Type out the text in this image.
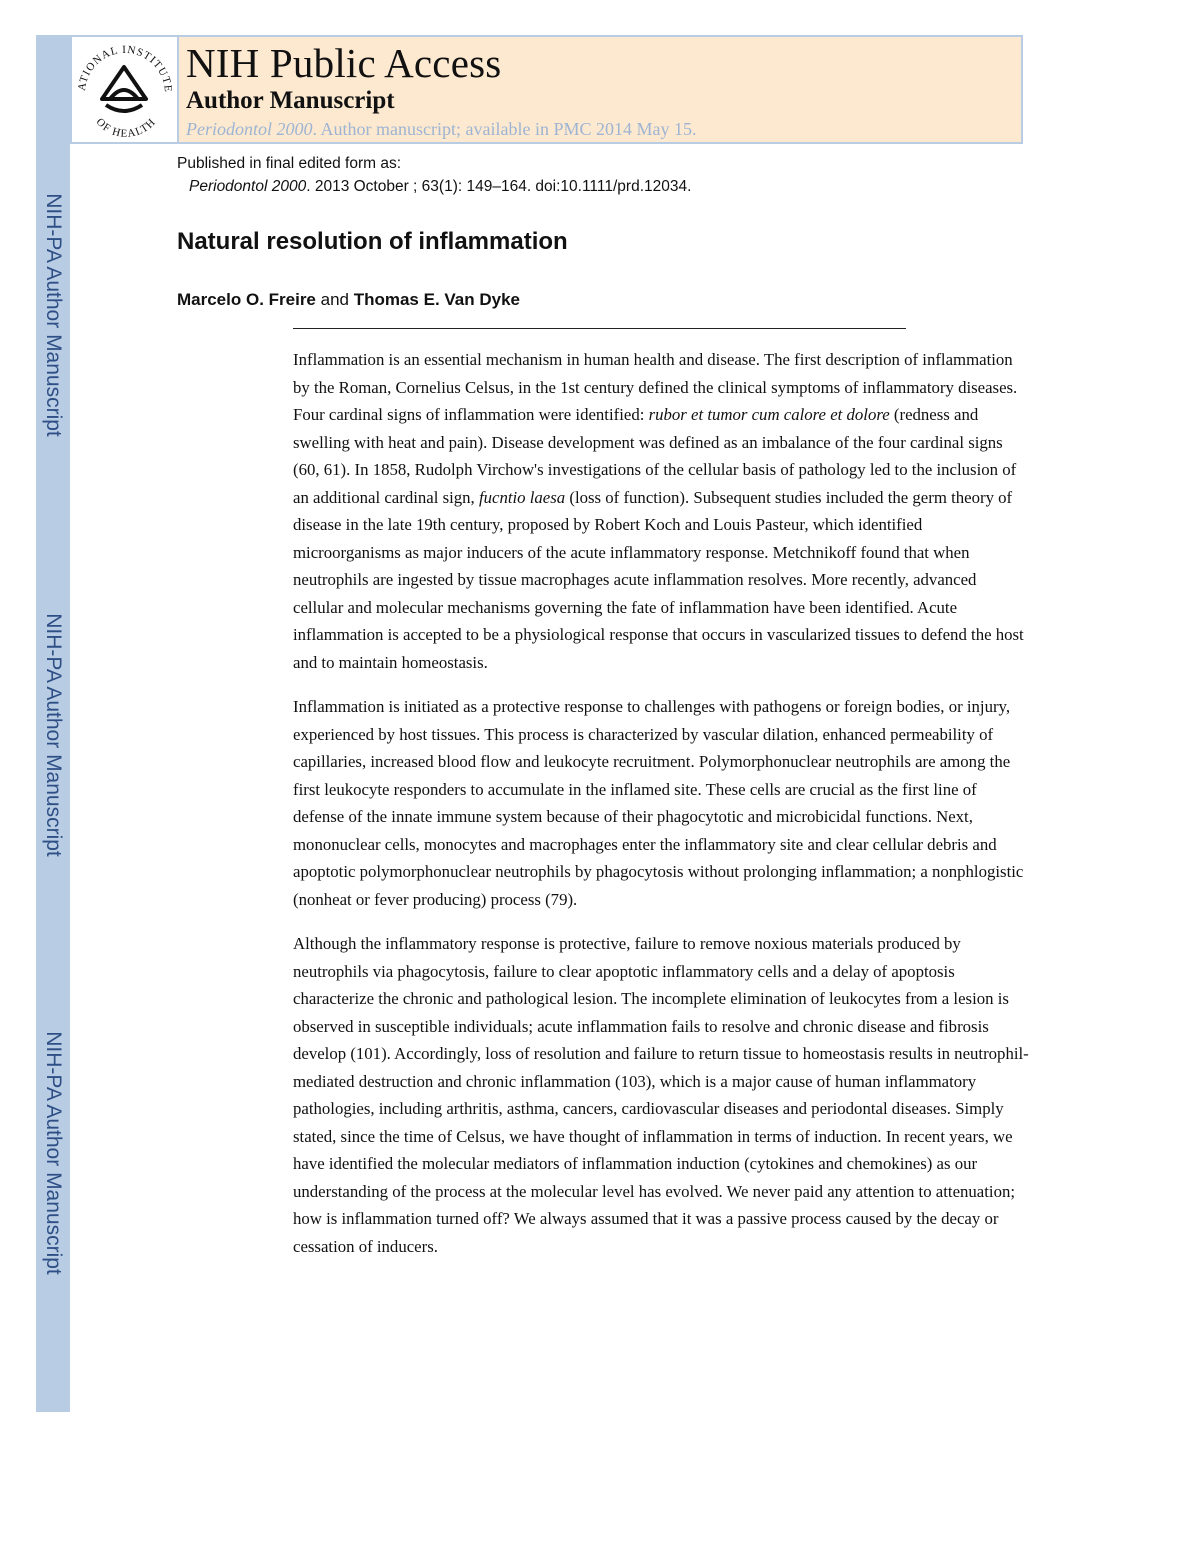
NIH-PA Author Manuscript
NIH-PA Author Manuscript
NIH-PA Author Manuscript
ATIONAL INSTITUTE
OF HEALTH
NIH Public Access
Author Manuscript
Periodontol 2000. Author manuscript; available in PMC 2014 May 15.
Published in final edited form as:
Periodontol 2000. 2013 October ; 63(1): 149–164. doi:10.1111/prd.12034.
Natural resolution of inflammation
Marcelo O. Freire and Thomas E. Van Dyke

Inflammation is an essential mechanism in human health and disease. The first description of inflammation by the Roman, Cornelius Celsus, in the 1st century defined the clinical symptoms of inflammatory diseases. Four cardinal signs of inflammation were identified: rubor et tumor cum calore et dolore (redness and swelling with heat and pain). Disease development was defined as an imbalance of the four cardinal signs (60, 61). In 1858, Rudolph Virchow's investigations of the cellular basis of pathology led to the inclusion of an additional cardinal sign, fucntio laesa (loss of function). Subsequent studies included the germ theory of disease in the late 19th century, proposed by Robert Koch and Louis Pasteur, which identified microorganisms as major inducers of the acute inflammatory response. Metchnikoff found that when neutrophils are ingested by tissue macrophages acute inflammation resolves. More recently, advanced cellular and molecular mechanisms governing the fate of inflammation have been identified. Acute inflammation is accepted to be a physiological response that occurs in vascularized tissues to defend the host and to maintain homeostasis.

Inflammation is initiated as a protective response to challenges with pathogens or foreign bodies, or injury, experienced by host tissues. This process is characterized by vascular dilation, enhanced permeability of capillaries, increased blood flow and leukocyte recruitment. Polymorphonuclear neutrophils are among the first leukocyte responders to accumulate in the inflamed site. These cells are crucial as the first line of defense of the innate immune system because of their phagocytotic and microbicidal functions. Next, mononuclear cells, monocytes and macrophages enter the inflammatory site and clear cellular debris and apoptotic polymorphonuclear neutrophils by phagocytosis without prolonging inflammation; a nonphlogistic (nonheat or fever producing) process (79).

Although the inflammatory response is protective, failure to remove noxious materials produced by neutrophils via phagocytosis, failure to clear apoptotic inflammatory cells and a delay of apoptosis characterize the chronic and pathological lesion. The incomplete elimination of leukocytes from a lesion is observed in susceptible individuals; acute inflammation fails to resolve and chronic disease and fibrosis develop (101). Accordingly, loss of resolution and failure to return tissue to homeostasis results in neutrophil-mediated destruction and chronic inflammation (103), which is a major cause of human inflammatory pathologies, including arthritis, asthma, cancers, cardiovascular diseases and periodontal diseases. Simply stated, since the time of Celsus, we have thought of inflammation in terms of induction. In recent years, we have identified the molecular mediators of inflammation induction (cytokines and chemokines) as our understanding of the process at the molecular level has evolved. We never paid any attention to attenuation; how is inflammation turned off? We always assumed that it was a passive process caused by the decay or cessation of inducers.
